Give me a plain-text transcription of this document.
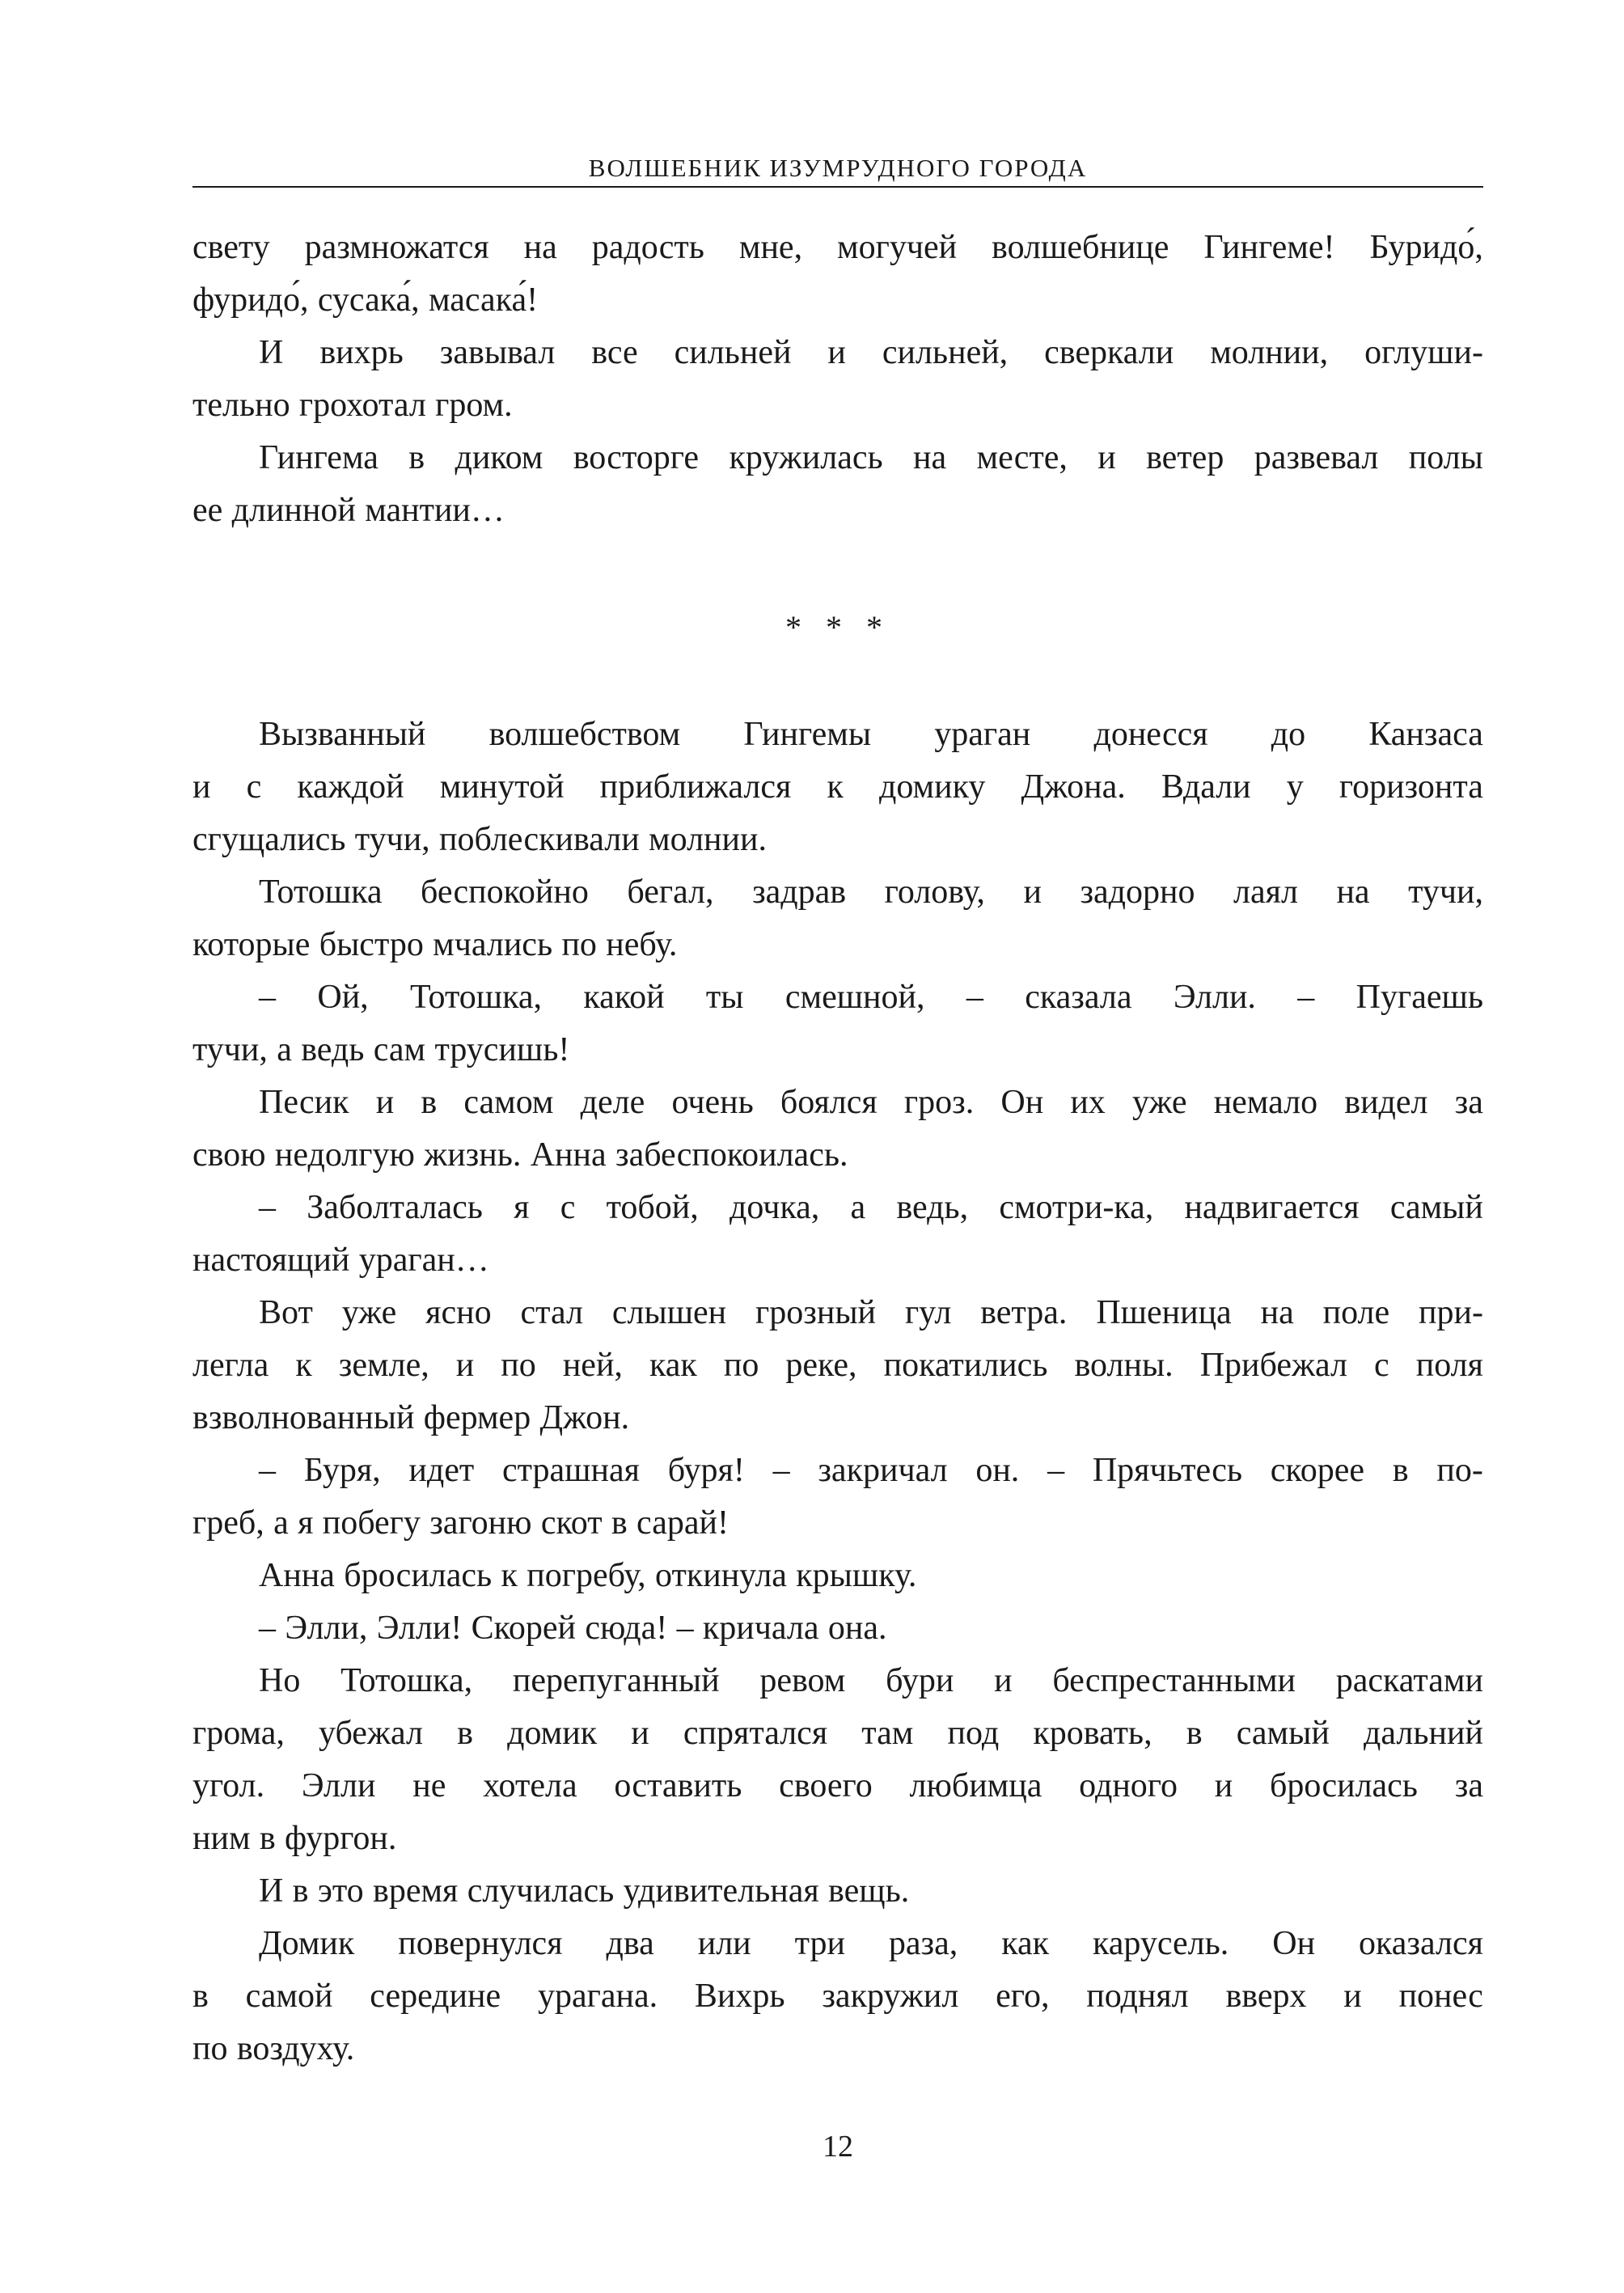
ВОЛШЕБНИК ИЗУМРУДНОГО ГОРОДА
свету размножатся на радость мне, могучей волшебнице Гингеме! Буридо́,
фуридо́, сусака́, масака́!
И вихрь завывал все сильней и сильней, сверкали молнии, оглуши-
тельно грохотал гром.
Гингема в диком восторге кружилась на месте, и ветер развевал полы
ее длинной мантии…
* * *
Вызванный волшебством Гингемы ураган донесся до Канзаса
и с каждой минутой приближался к домику Джона. Вдали у горизонта
сгущались тучи, поблескивали молнии.
Тотошка беспокойно бегал, задрав голову, и задорно лаял на тучи,
которые быстро мчались по небу.
– Ой, Тотошка, какой ты смешной, – сказала Элли. – Пугаешь
тучи, а ведь сам трусишь!
Песик и в самом деле очень боялся гроз. Он их уже немало видел за
свою недолгую жизнь. Анна забеспокоилась.
– Заболталась я с тобой, дочка, а ведь, смотри-ка, надвигается самый
настоящий ураган…
Вот уже ясно стал слышен грозный гул ветра. Пшеница на поле при-
легла к земле, и по ней, как по реке, покатились волны. Прибежал с поля
взволнованный фермер Джон.
– Буря, идет страшная буря! – закричал он. – Прячьтесь скорее в по-
греб, а я побегу загоню скот в сарай!
Анна бросилась к погребу, откинула крышку.
– Элли, Элли! Скорей сюда! – кричала она.
Но Тотошка, перепуганный ревом бури и беспрестанными раскатами
грома, убежал в домик и спрятался там под кровать, в самый дальний
угол. Элли не хотела оставить своего любимца одного и бросилась за
ним в фургон.
И в это время случилась удивительная вещь.
Домик повернулся два или три раза, как карусель. Он оказался
в самой середине урагана. Вихрь закружил его, поднял вверх и понес
по воздуху.
12
